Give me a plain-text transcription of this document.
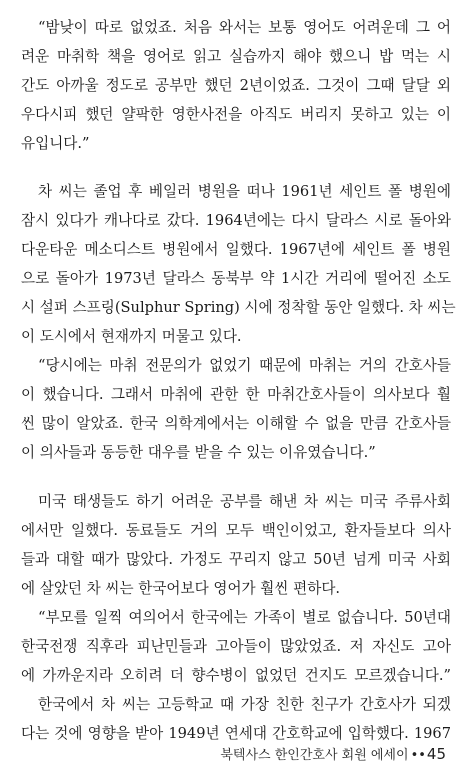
“밤낮이 따로 없었죠. 처음 와서는 보통 영어도 어려운데 그 어
려운 마취학 책을 영어로 읽고 실습까지 해야 했으니 밥 먹는 시
간도 아까울 정도로 공부만 했던 2년이었죠. 그것이 그때 달달 외
우다시피 했던 얄팍한 영한사전을 아직도 버리지 못하고 있는 이
유입니다.”
차 씨는 졸업 후 베일러 병원을 떠나 1961년 세인트 폴 병원에
잠시 있다가 캐나다로 갔다. 1964년에는 다시 달라스 시로 돌아와
다운타운 메소디스트 병원에서 일했다. 1967년에 세인트 폴 병원
으로 돌아가 1973년 달라스 동북부 약 1시간 거리에 떨어진 소도
시 설퍼 스프링(Sulphur Spring) 시에 정착할 동안 일했다. 차 씨는
이 도시에서 현재까지 머물고 있다.
“당시에는 마취 전문의가 없었기 때문에 마취는 거의 간호사들
이 했습니다. 그래서 마취에 관한 한 마취간호사들이 의사보다 훨
씬 많이 알았죠. 한국 의학계에서는 이해할 수 없을 만큼 간호사들
이 의사들과 동등한 대우를 받을 수 있는 이유였습니다.”
미국 태생들도 하기 어려운 공부를 해낸 차 씨는 미국 주류사회
에서만 일했다. 동료들도 거의 모두 백인이었고, 환자들보다 의사
들과 대할 때가 많았다. 가정도 꾸리지 않고 50년 넘게 미국 사회
에 살았던 차 씨는 한국어보다 영어가 훨씬 편하다.
“부모를 일찍 여의어서 한국에는 가족이 별로 없습니다. 50년대
한국전쟁 직후라 피난민들과 고아들이 많았었죠. 저 자신도 고아
에 가까운지라 오히려 더 향수병이 없었던 건지도 모르겠습니다.”
한국에서 차 씨는 고등학교 때 가장 친한 친구가 간호사가 되겠
북텍사스 한인간호사 회원 에세이 ••45
다는 것에 영향을 받아 1949년 연세대 간호학교에 입학했다. 1967
